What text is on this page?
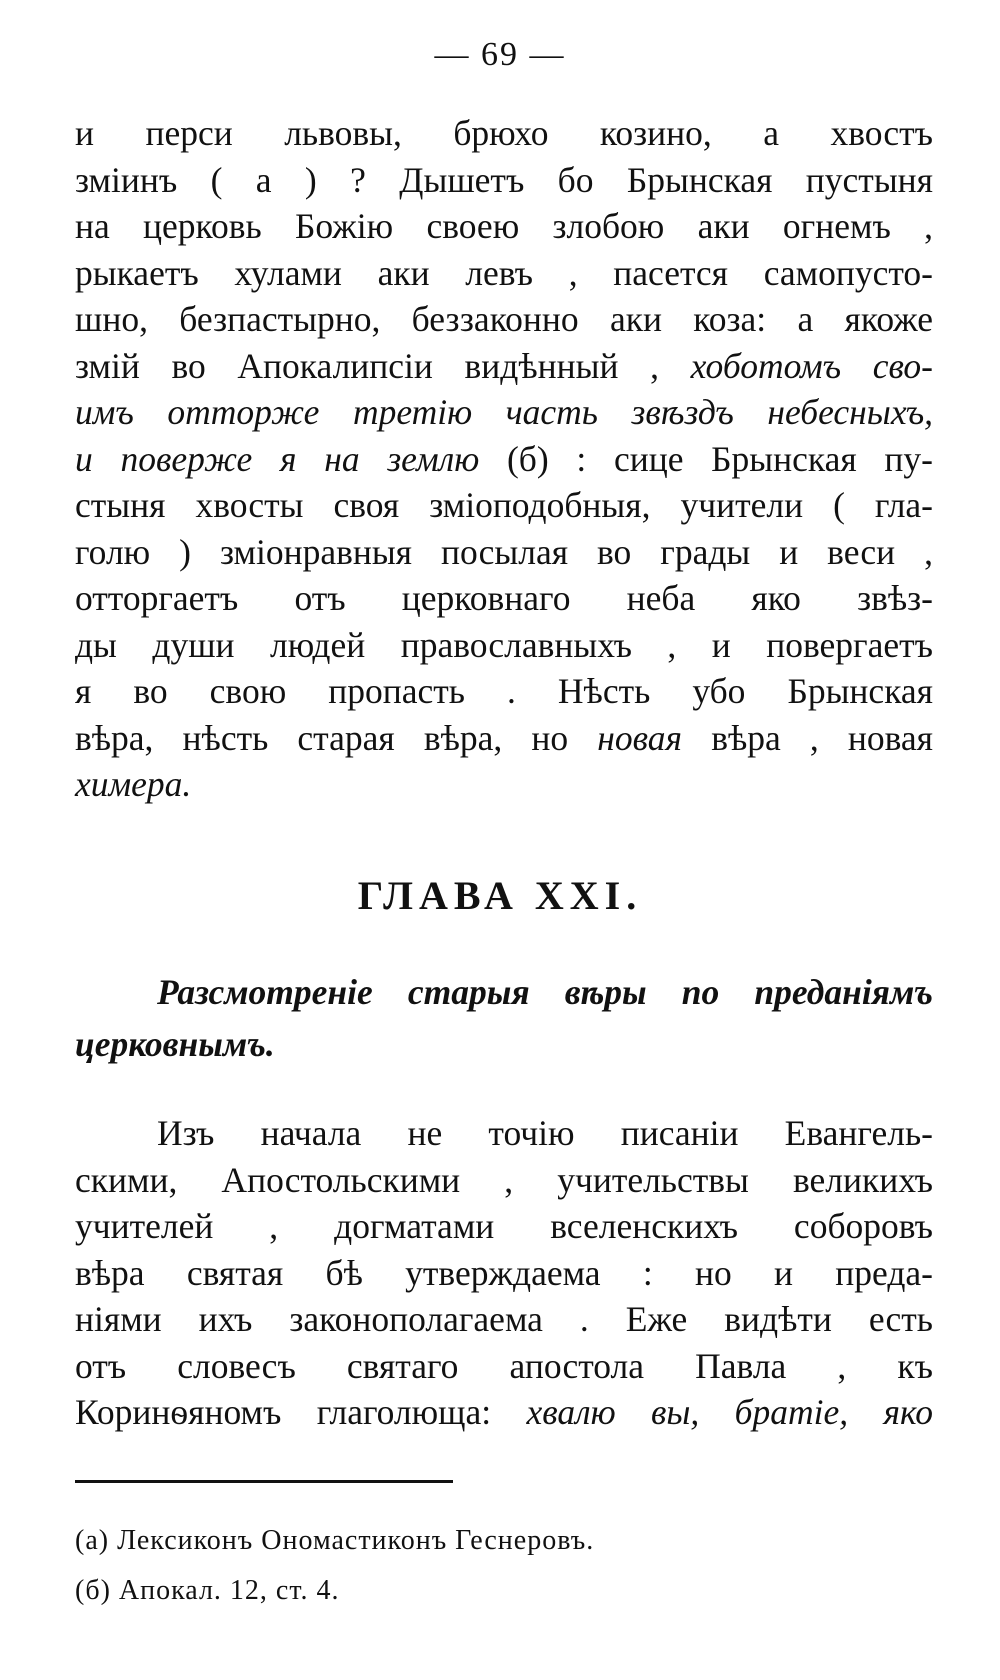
— 69 —
и перси львовы, брюхо козино, а хвостъ
зміинъ ( а ) ? Дышетъ бо Брынская пустыня
на церковь Божію своею злобою аки огнемъ ,
рыкаетъ хулами аки левъ , пасется самопусто-
шно, безпастырно, беззаконно аки коза: а якоже
змій во Апокалипсіи видѣнный , хоботомъ сво-
имъ отторже третію часть звѣздъ небесныхъ,
и поверже я на землю (б) : сице Брынская пу-
стыня хвосты своя зміоподобныя, учители ( гла-
голю ) зміонравныя посылая во грады и веси ,
отторгаетъ отъ церковнаго неба яко звѣз-
ды души людей православныхъ , и повергаетъ
я во свою пропасть . Нѣсть убо Брынская
вѣра, нѣсть старая вѣра, но новая вѣра , новая
химера.
ГЛАВА XXI.
Разсмотреніе старыя вѣры по преданіямъ
церковнымъ.
Изъ начала не точію писаніи Евангель-
скими, Апостольскими , учительствы великихъ
учителей , догматами вселенскихъ соборовъ
вѣра святая бѣ утверждаема : но и преда-
ніями ихъ законополагаема . Еже видѣти есть
отъ словесъ святаго апостола Павла , къ
Коринѳяномъ глаголюща: хвалю вы, братіе, яко
(а) Лексиконъ Ономастиконъ Геснеровъ.
(б) Апокал. 12, ст. 4.
